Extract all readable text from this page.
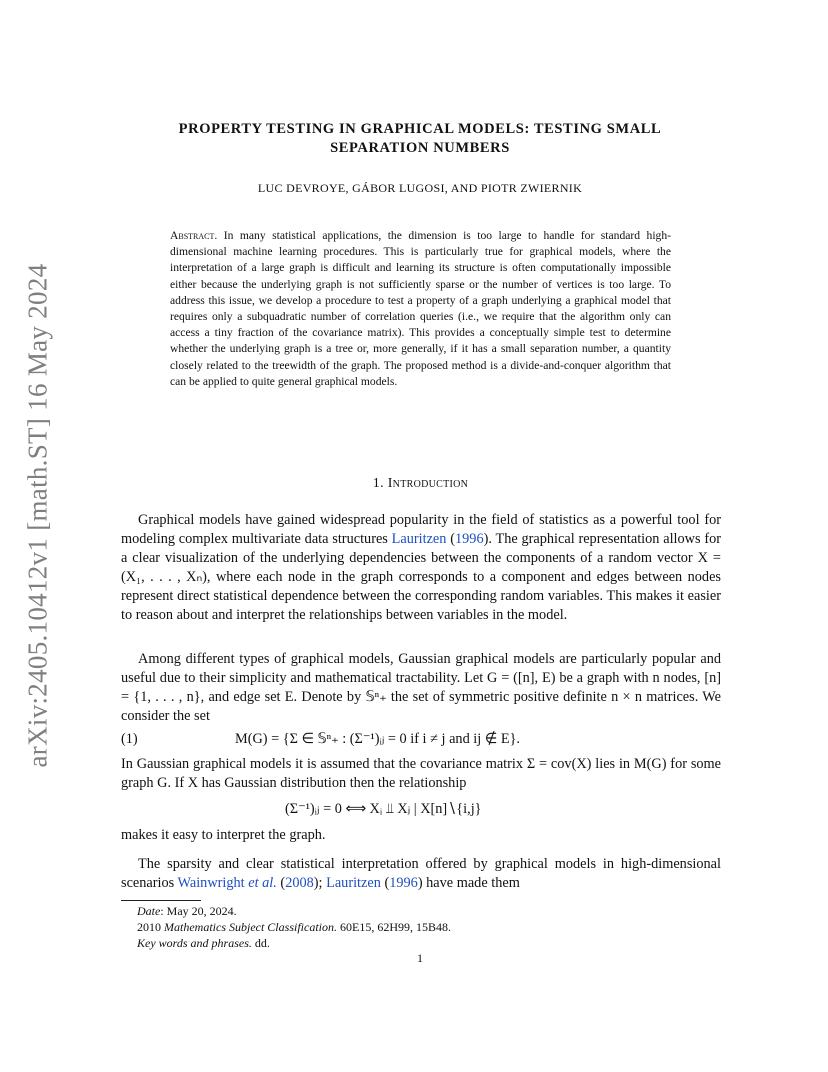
arXiv:2405.10412v1 [math.ST] 16 May 2024
PROPERTY TESTING IN GRAPHICAL MODELS: TESTING SMALL
SEPARATION NUMBERS
LUC DEVROYE, GÁBOR LUGOSI, AND PIOTR ZWIERNIK
Abstract. In many statistical applications, the dimension is too large to handle for standard high-dimensional machine learning procedures. This is particularly true for graphical models, where the interpretation of a large graph is difficult and learning its structure is often computationally impossible either because the underlying graph is not sufficiently sparse or the number of vertices is too large. To address this issue, we develop a procedure to test a property of a graph underlying a graphical model that requires only a subquadratic number of correlation queries (i.e., we require that the algorithm only can access a tiny fraction of the covariance matrix). This provides a conceptually simple test to determine whether the underlying graph is a tree or, more generally, if it has a small separation number, a quantity closely related to the treewidth of the graph. The proposed method is a divide-and-conquer algorithm that can be applied to quite general graphical models.
1. Introduction
Graphical models have gained widespread popularity in the field of statistics as a powerful tool for modeling complex multivariate data structures Lauritzen (1996). The graphical representation allows for a clear visualization of the underlying dependencies between the components of a random vector X = (X₁, . . . , Xₙ), where each node in the graph corresponds to a component and edges between nodes represent direct statistical dependence between the corresponding random variables. This makes it easier to reason about and interpret the relationships between variables in the model.
Among different types of graphical models, Gaussian graphical models are particularly popular and useful due to their simplicity and mathematical tractability. Let G = ([n], E) be a graph with n nodes, [n] = {1, . . . , n}, and edge set E. Denote by 𝕊ⁿ₊ the set of symmetric positive definite n × n matrices. We consider the set
(1)	M(G) = {Σ ∈ 𝕊ⁿ₊ : (Σ⁻¹)ᵢⱼ = 0 if i ≠ j and ij ∉ E}.
In Gaussian graphical models it is assumed that the covariance matrix Σ = cov(X) lies in M(G) for some graph G. If X has Gaussian distribution then the relationship
(Σ⁻¹)ᵢⱼ = 0 ⟺ Xᵢ ⫫ Xⱼ | X[n]∖{i,j}
makes it easy to interpret the graph.
The sparsity and clear statistical interpretation offered by graphical models in high-dimensional scenarios Wainwright et al. (2008); Lauritzen (1996) have made them
Date: May 20, 2024.
2010 Mathematics Subject Classification. 60E15, 62H99, 15B48.
Key words and phrases. dd.
1
